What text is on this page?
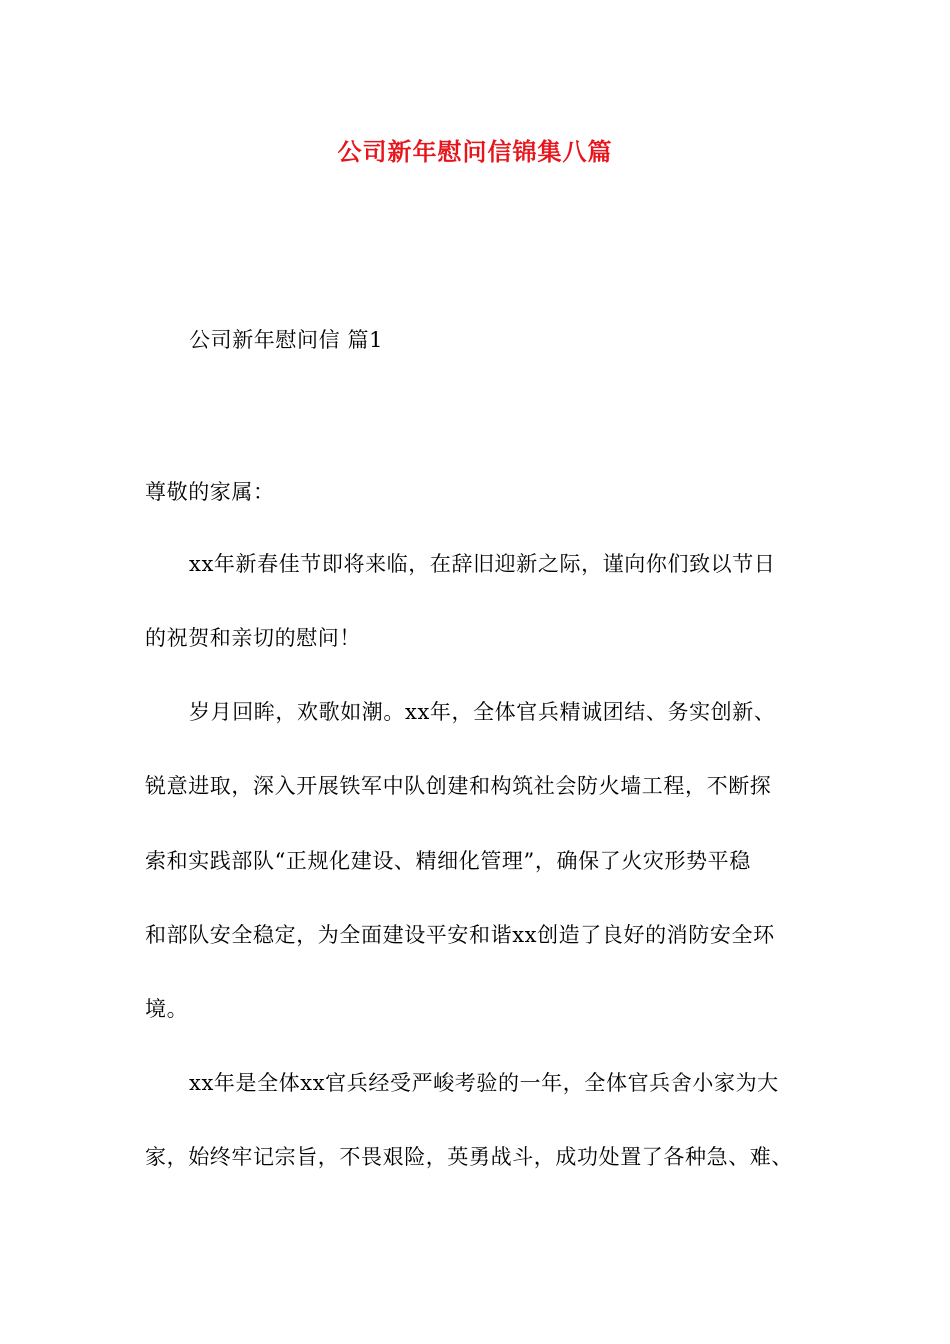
公司新年慰问信锦集八篇
公司新年慰问信 篇1
尊敬的家属：
xx年新春佳节即将来临，在辞旧迎新之际，谨向你们致以节日
的祝贺和亲切的慰问！
岁月回眸，欢歌如潮。xx年，全体官兵精诚团结、务实创新、
锐意进取，深入开展铁军中队创建和构筑社会防火墙工程，不断探
索和实践部队“正规化建设、精细化管理”，确保了火灾形势平稳
和部队安全稳定，为全面建设平安和谐xx创造了良好的消防安全环
境。
xx年是全体xx官兵经受严峻考验的一年，全体官兵舍小家为大
家，始终牢记宗旨，不畏艰险，英勇战斗，成功处置了各种急、难、
